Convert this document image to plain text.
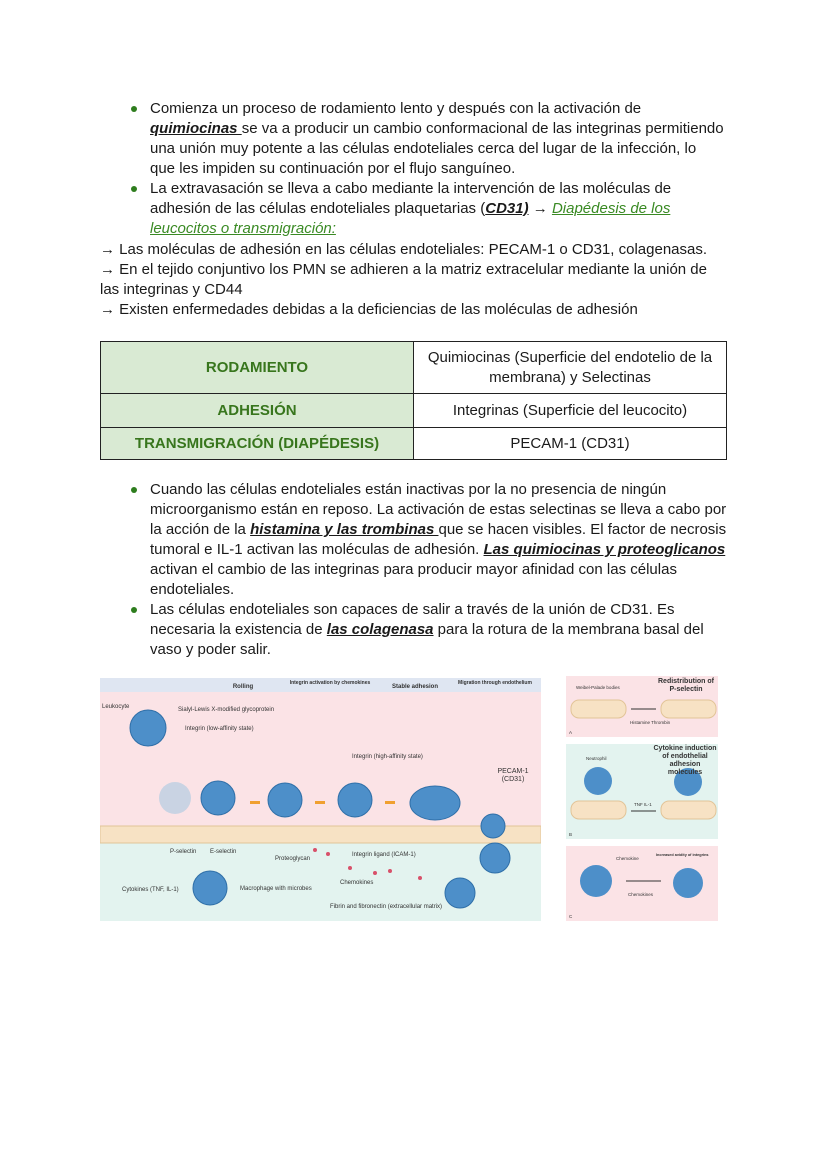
Comienza un proceso de rodamiento lento y después con la activación de quimiocinas se va a producir un cambio conformacional de las integrinas permitiendo una unión muy potente a las células endoteliales cerca del lugar de la infección, lo que les impiden su continuación por el flujo sanguíneo.
La extravasación se lleva a cabo mediante la intervención de las moléculas de adhesión de las células endoteliales plaquetarias (CD31) → Diapédesis de los leucocitos o transmigración:
→ Las moléculas de adhesión en las células endoteliales: PECAM-1 o CD31, colagenasas.
→ En el tejido conjuntivo los PMN se adhieren a la matriz extracelular mediante la unión de las integrinas y CD44
→ Existen enfermedades debidas a la deficiencias de las moléculas de adhesión
RODAMIENTO	Quimiocinas (Superficie del endotelio de la membrana) y Selectinas
ADHESIÓN	Integrinas (Superficie del leucocito)
TRANSMIGRACIÓN (DIAPÉDESIS)	PECAM-1 (CD31)
Cuando las células endoteliales están inactivas por la no presencia de ningún microorganismo están en reposo. La activación de estas selectinas se lleva a cabo por la acción de la histamina y las trombinas que se hacen visibles. El factor de necrosis tumoral e IL-1 activan las moléculas de adhesión. Las quimiocinas y proteoglicanos activan el cambio de las integrinas para producir mayor afinidad con las células endoteliales.
Las células endoteliales son capaces de salir a través de la unión de CD31. Es necesaria la existencia de las colagenasa para la rotura de la membrana basal del vaso y poder salir.
Rolling
Integrin activation by chemokines
Stable adhesion
Migration through endothelium
Leukocyte	Sialyl-Lewis X-modified glycoprotein
Integrin (low-affinity state)
Integrin (high-affinity state)
P-selectin E-selectin
Proteoglycan
Integrin ligand (ICAM-1)
Chemokines
Cytokines (TNF, IL-1)	Macrophage with microbes
Fibrin and fibronectin (extracellular matrix)
PECAM-1 (CD31)
Weibel-Palade bodies
Histamine Thrombin
A
Neutrophil
TNF IL-1
B
Chemokine
Increased avidity of integrins
Chemokines
C
Redistribution of P-selectin
Cytokine induction of endothelial adhesion molecules
